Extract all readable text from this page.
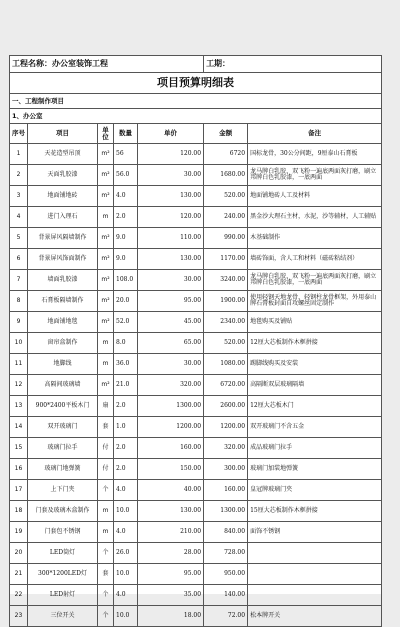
工程名称：办公室装饰工程					工期：	
项目预算明细表						
一、工程制作项目						
1、办公室						
序号	项目	单位	数量	单价	金额	备注
1	天花造型吊顶	m²	56	120.00	6720	国标龙骨，30公分间距，9厘泰山石膏板
2	天面乳胶漆	m²	56.0	30.00	1680.00	龙马牌白乳胶、双飞粉一遍底两面灰打磨，刷立邦牌白色乳胶漆，一底两面
3	地面铺地砖	m²	4.0	130.00	520.00	地面铺地砖人工及材料
4	进门入理石	m	2.0	120.00	240.00	黑金沙大理石主材，水泥，沙等辅材，人工辅贴
5	背景屏风隔墙制作	m²	9.0	110.00	990.00	木基础制作
6	背景屏风饰面制作	m²	9.0	130.00	1170.00	墙砖饰面，含人工和材料（磁砖粘结剂）
7	墙面乳胶漆	m²	108.0	30.00	3240.00	龙马牌白乳胶、双飞粉一遍底两面灰打磨，刷立邦牌白色乳胶漆，一底两面
8	石膏板隔墙制作	m²	20.0	95.00	1900.00	使用轻钢天地龙骨，轻钢柱龙骨框架，外用泰山牌石膏板封面自攻螺丝固定制作
9	地面铺地毯	m²	52.0	45.00	2340.00	地毯购买及铺贴
10	窗帘盒制作	m	8.0	65.00	520.00	12厘大芯板制作木框拼接
11	地脚线	m	36.0	30.00	1080.00	踢脚线购买及安装
12	高隔间玻璃墙	m²	21.0	320.00	6720.00	高隔断双层玻璃隔墙
13	900*2400平板木门	扇	2.0	1300.00	2600.00	12厘大芯板木门
14	双开玻璃门	套	1.0	1200.00	1200.00	双开玻璃门不含五金
15	玻璃门拉手	付	2.0	160.00	320.00	成品玻璃门拉手
16	玻璃门地弹簧	付	2.0	150.00	300.00	玻璃门加装地弹簧
17	上下门夹	个	4.0	40.00	160.00	皇冠牌玻璃门夹
18	门套及玻璃木盒制作	m	10.0	130.00	1300.00	15厘大芯板制作木框拼接
19	门套包不锈钢	m	4.0	210.00	840.00	面饰不锈钢
20	LED筒灯	个	26.0	28.00	728.00	
21	300*1200LED灯	套	10.0	95.00	950.00	
22	LED射灯	个	4.0	35.00	140.00	
23	三位开关	个	10.0	18.00	72.00	松本牌开关
